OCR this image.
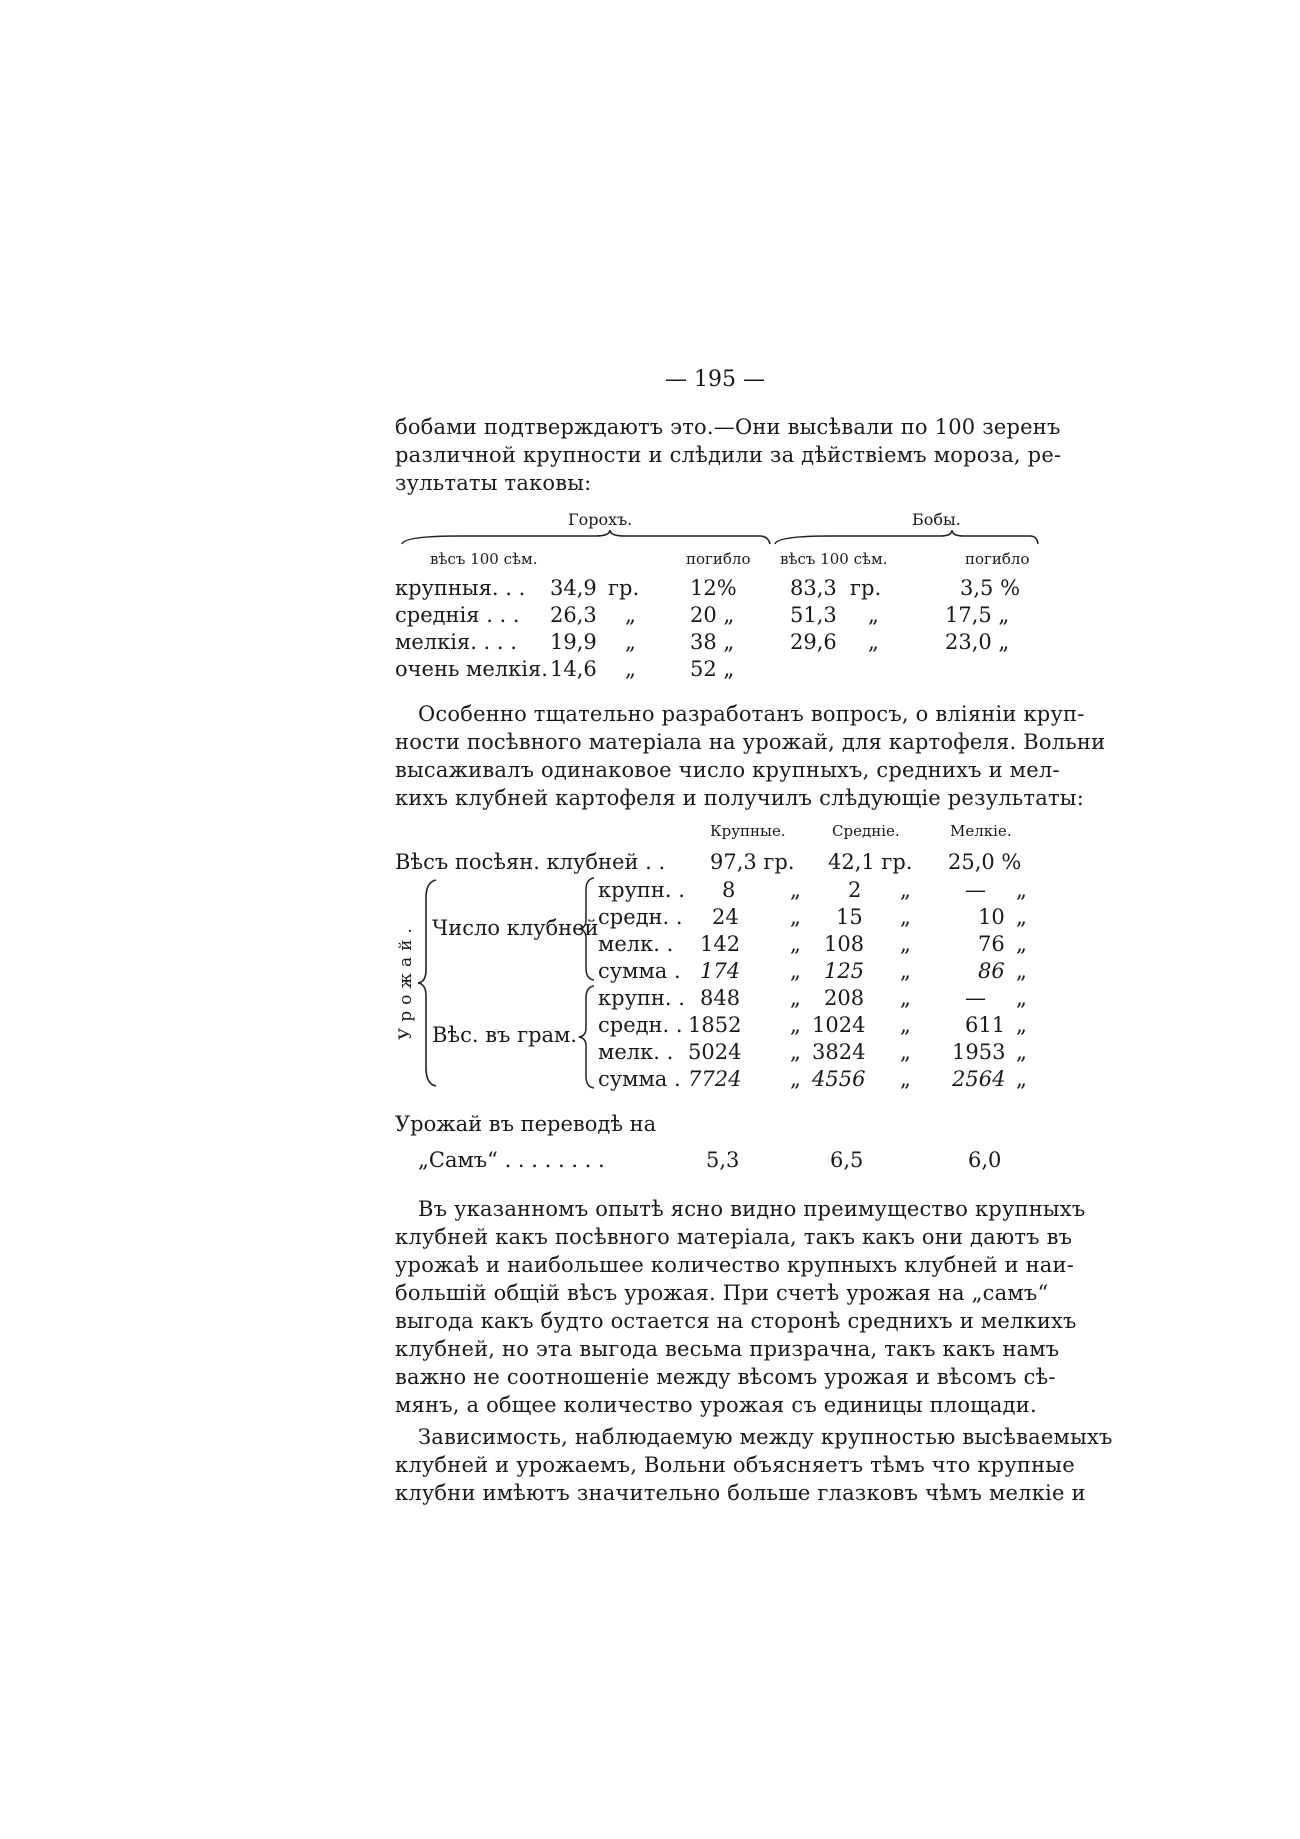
— 195 —
бобами подтверждаютъ это.—Они высѣвали по 100 зеренъ
различной крупности и слѣдили за дѣйствіемъ мороза, ре-
зультаты таковы:
Горохъ.	Бобы.
вѣсъ 100 сѣм.	погибло вѣсъ 100 сѣм.	погибло
крупныя. . . 34,9 гр. 12%	83,3 гр.	3,5 %
среднія . . . 26,3 „	20 „	51,3 „	17,5 „
мелкія. . . . 19,9 „	38 „	29,6 „	23,0 „
очень мелкія. 14,6 „	52 „
Особенно тщательно разработанъ вопросъ, о вліяніи круп-
ности посѣвного матеріала на урожай, для картофеля. Вольни
высаживалъ одинаковое число крупныхъ, среднихъ и мел-
кихъ клубней картофеля и получилъ слѣдующіе результаты:
Крупные.	Средніе.	Мелкіе.
Вѣсъ посѣян. клубней . . 97,3 гр. 42,1 гр. 25,0 %
Урожай. Число клубней
Вѣс. въ грам.
крупн. . 8	„ 2 „	— „
средн. . 24 „ 15 „	10 „
мелк. . 142 „ 108 „	76 „
сумма . 174 „ 125 „	86 „
крупн. . 848 „ 208 „	— „
средн. . 1852 „ 1024 „	611 „
мелк. . 5024 „ 3824 „ 1953 „
сумма . 7724 „ 4556 „ 2564 „
Урожай въ переводѣ на
„Самъ“ . . . . . . . .	5,3	6,5	6,0
Въ указанномъ опытѣ ясно видно преимущество крупныхъ
клубней какъ посѣвного матеріала, такъ какъ они даютъ въ
урожаѣ и наибольшее количество крупныхъ клубней и наи-
большій общій вѣсъ урожая. При счетѣ урожая на „самъ“
выгода какъ будто остается на сторонѣ среднихъ и мелкихъ
клубней, но эта выгода весьма призрачна, такъ какъ намъ
важно не соотношеніе между вѣсомъ урожая и вѣсомъ сѣ-
мянъ, а общее количество урожая съ единицы площади.
Зависимость, наблюдаемую между крупностью высѣваемыхъ
клубней и урожаемъ, Вольни объясняетъ тѣмъ что крупные
клубни имѣютъ значительно больше глазковъ чѣмъ мелкіе и
